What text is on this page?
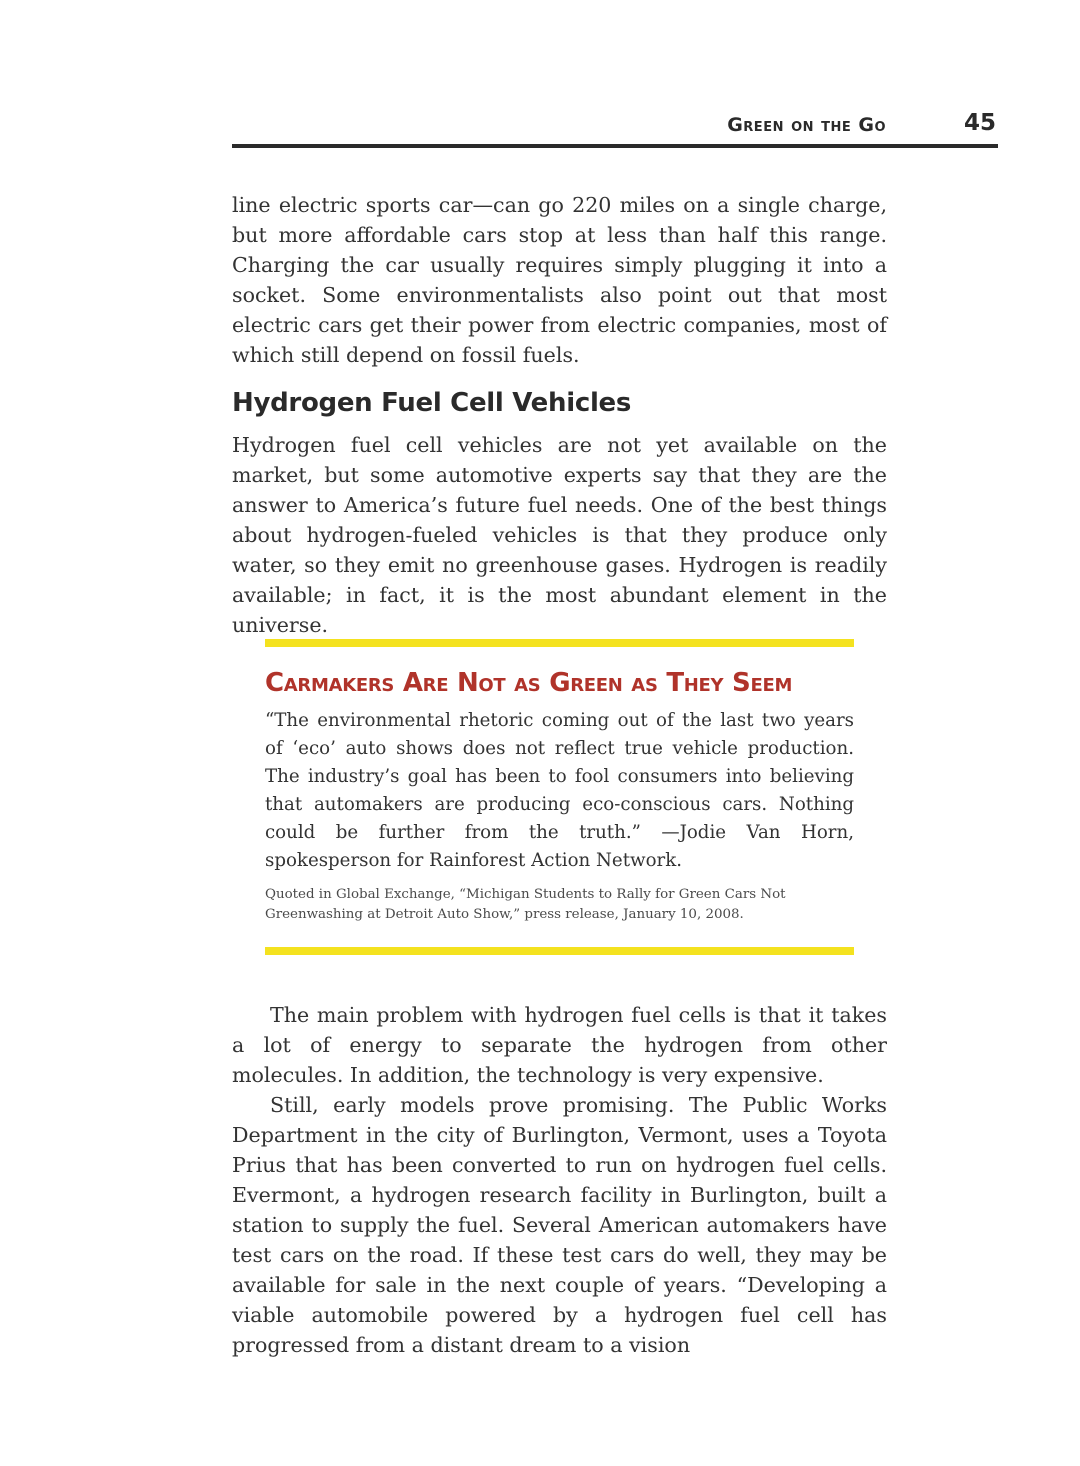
Green on the Go	45

line electric sports car—can go 220 miles on a single charge, but more affordable cars stop at less than half this range. Charging the car usually requires simply plugging it into a socket. Some environmentalists also point out that most electric cars get their power from electric companies, most of which still depend on fossil fuels.

Hydrogen Fuel Cell Vehicles

Hydrogen fuel cell vehicles are not yet available on the market, but some automotive experts say that they are the answer to America’s future fuel needs. One of the best things about hydrogen-fueled vehicles is that they produce only water, so they emit no greenhouse gases. Hydrogen is readily available; in fact, it is the most abundant element in the universe.

Carmakers Are Not as Green as They Seem

“The environmental rhetoric coming out of the last two years of ‘eco’ auto shows does not reflect true vehicle production. The industry’s goal has been to fool consumers into believing that automakers are producing eco-conscious cars. Nothing could be further from the truth.” —Jodie Van Horn, spokesperson for Rainforest Action Network.

Quoted in Global Exchange, “Michigan Students to Rally for Green Cars Not Greenwashing at Detroit Auto Show,” press release, January 10, 2008.

The main problem with hydrogen fuel cells is that it takes a lot of energy to separate the hydrogen from other molecules. In addition, the technology is very expensive.

Still, early models prove promising. The Public Works Department in the city of Burlington, Vermont, uses a Toyota Prius that has been converted to run on hydrogen fuel cells. Evermont, a hydrogen research facility in Burlington, built a station to supply the fuel. Several American automakers have test cars on the road. If these test cars do well, they may be available for sale in the next couple of years. “Developing a viable automobile powered by a hydrogen fuel cell has progressed from a distant dream to a vision
